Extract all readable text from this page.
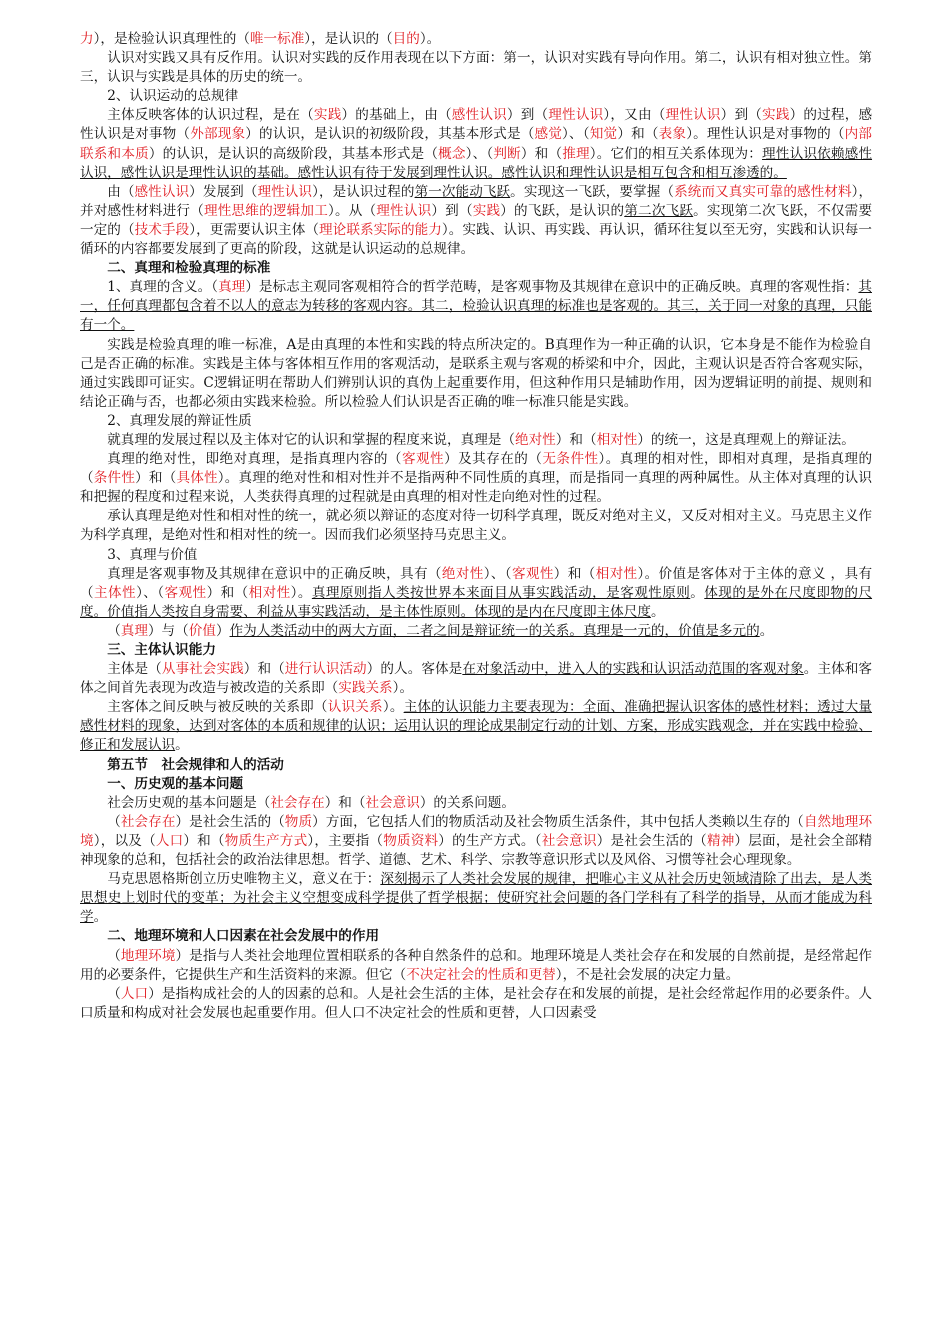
力），是检验认识真理性的（唯一标准），是认识的（目的）。
认识对实践又具有反作用。认识对实践的反作用表现在以下方面：第一，认识对实践有导向作用。第二，认识有相对独立性。第三，认识与实践是具体的历史的统一。
2、认识运动的总规律
主体反映客体的认识过程，是在（实践）的基础上，由（感性认识）到（理性认识），又由（理性认识）到（实践）的过程，感性认识是对事物（外部现象）的认识，是认识的初级阶段，其基本形式是（感觉）、（知觉）和（表象）。理性认识是对事物的（内部联系和本质）的认识，是认识的高级阶段，其基本形式是（概念）、（判断）和（推理）。它们的相互关系体现为：理性认识依赖感性认识，感性认识是理性认识的基础。感性认识有待于发展到理性认识。感性认识和理性认识是相互包含和相互渗透的。
由（感性认识）发展到（理性认识），是认识过程的第一次能动飞跃。实现这一飞跃，要掌握（系统而又真实可靠的感性材料），并对感性材料进行（理性思维的逻辑加工）。从（理性认识）到（实践）的飞跃，是认识的第二次飞跃。实现第二次飞跃，不仅需要一定的（技术手段），更需要认识主体（理论联系实际的能力）。实践、认识、再实践、再认识，循环往复以至无穷，实践和认识每一循环的内容都要发展到了更高的阶段，这就是认识运动的总规律。
二、真理和检验真理的标准
1、真理的含义。（真理）是标志主观同客观相符合的哲学范畴，是客观事物及其规律在意识中的正确反映。真理的客观性指：其一，任何真理都包含着不以人的意志为转移的客观内容。其二，检验认识真理的标准也是客观的。其三，关于同一对象的真理，只能有一个。
实践是检验真理的唯一标准，A是由真理的本性和实践的特点所决定的。B真理作为一种正确的认识，它本身是不能作为检验自己是否正确的标准。实践是主体与客体相互作用的客观活动，是联系主观与客观的桥梁和中介，因此，主观认识是否符合客观实际，通过实践即可证实。C逻辑证明在帮助人们辨别认识的真伪上起重要作用，但这种作用只是辅助作用，因为逻辑证明的前提、规则和结论正确与否，也都必须由实践来检验。所以检验人们认识是否正确的唯一标准只能是实践。
2、真理发展的辩证性质
就真理的发展过程以及主体对它的认识和掌握的程度来说，真理是（绝对性）和（相对性）的统一，这是真理观上的辩证法。
真理的绝对性，即绝对真理，是指真理内容的（客观性）及其存在的（无条件性）。真理的相对性，即相对真理，是指真理的（条件性）和（具体性）。真理的绝对性和相对性并不是指两种不同性质的真理，而是指同一真理的两种属性。从主体对真理的认识和把握的程度和过程来说，人类获得真理的过程就是由真理的相对性走向绝对性的过程。
承认真理是绝对性和相对性的统一，就必须以辩证的态度对待一切科学真理，既反对绝对主义，又反对相对主义。马克思主义作为科学真理，是绝对性和相对性的统一。因而我们必须坚持马克思主义。
3、真理与价值
真理是客观事物及其规律在意识中的正确反映，具有（绝对性）、（客观性）和（相对性）。价值是客体对于主体的意义 ，具有（主体性）、（客观性）和（相对性）。真理原则指人类按世界本来面目从事实践活动，是客观性原则。体现的是外在尺度即物的尺度。价值指人类按自身需要、利益从事实践活动，是主体性原则。体现的是内在尺度即主体尺度。
（真理）与（价值）作为人类活动中的两大方面，二者之间是辩证统一的关系。真理是一元的，价值是多元的。
三、主体认识能力
主体是（从事社会实践）和（进行认识活动）的人。客体是在对象活动中，进入人的实践和认识活动范围的客观对象。主体和客体之间首先表现为改造与被改造的关系即（实践关系）。
主客体之间反映与被反映的关系即（认识关系）。主体的认识能力主要表现为：全面、准确把握认识客体的感性材料；透过大量感性材料的现象，达到对客体的本质和规律的认识；运用认识的理论成果制定行动的计划、方案，形成实践观念，并在实践中检验、修正和发展认识。
第五节　社会规律和人的活动
一、历史观的基本问题
社会历史观的基本问题是（社会存在）和（社会意识）的关系问题。
（社会存在）是社会生活的（物质）方面，它包括人们的物质活动及社会物质生活条件，其中包括人类赖以生存的（自然地理环境），以及（人口）和（物质生产方式），主要指（物质资料）的生产方式。（社会意识）是社会生活的（精神）层面，是社会全部精神现象的总和，包括社会的政治法律思想。哲学、道德、艺术、科学、宗教等意识形式以及风俗、习惯等社会心理现象。
马克思恩格斯创立历史唯物主义，意义在于：深刻揭示了人类社会发展的规律，把唯心主义从社会历史领域清除了出去，是人类思想史上划时代的变革；为社会主义空想变成科学提供了哲学根据；使研究社会问题的各门学科有了科学的指导，从而才能成为科学。
二、地理环境和人口因素在社会发展中的作用
（地理环境）是指与人类社会地理位置相联系的各种自然条件的总和。地理环境是人类社会存在和发展的自然前提，是经常起作用的必要条件，它提供生产和生活资料的来源。但它（不决定社会的性质和更替），不是社会发展的决定力量。
（人口）是指构成社会的人的因素的总和。人是社会生活的主体，是社会存在和发展的前提，是社会经常起作用的必要条件。人口质量和构成对社会发展也起重要作用。但人口不决定社会的性质和更替，人口因素受
